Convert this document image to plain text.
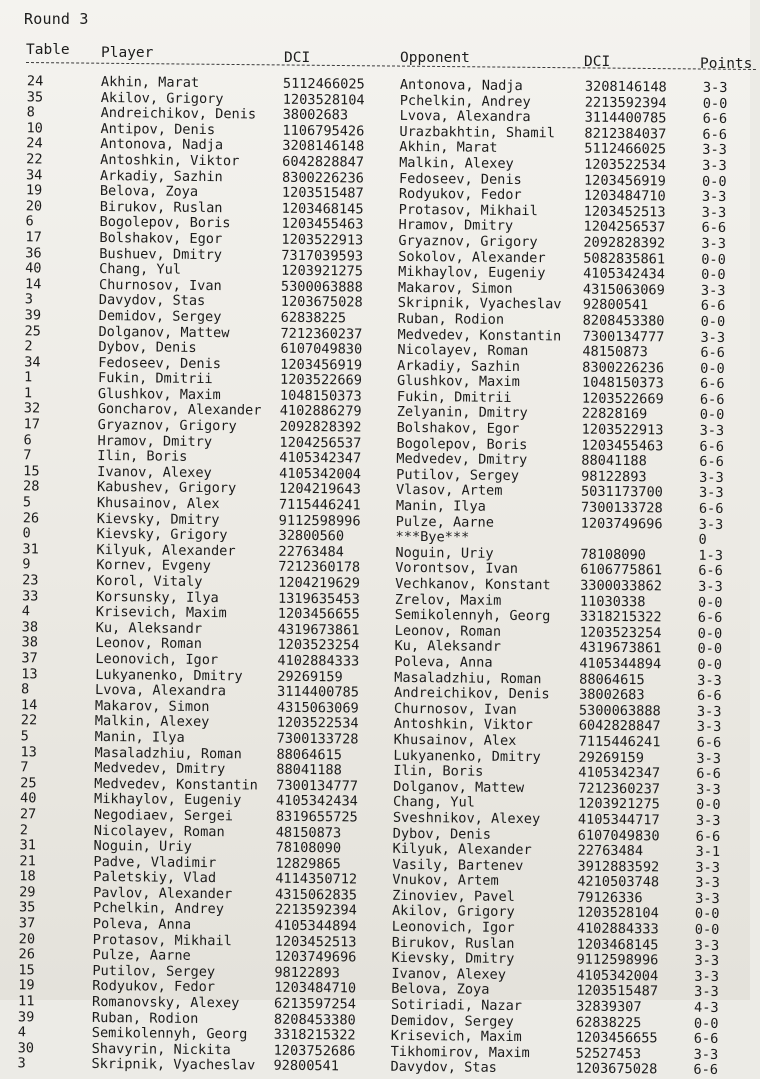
Round 3
Table Player	DCI	Opponent	DCI	Points
24	Akhin, Marat	5112466025	Antonova, Nadja	3208146148	3-3
35	Akilov, Grigory	1203528104	Pchelkin, Andrey	2213592394	0-0
8	Andreichikov, Denis 38002683	Lvova, Alexandra	3114400785	6-6
10	Antipov, Denis	1106795426	Urazbakhtin, Shamil 8212384037	6-6
24	Antonova, Nadja	3208146148	Akhin, Marat	5112466025	3-3
22	Antoshkin, Viktor	6042828847	Malkin, Alexey	1203522534	3-3
34	Arkadiy, Sazhin	8300226236	Fedoseev, Denis	1203456919	0-0
19	Belova, Zoya	1203515487	Rodyukov, Fedor	1203484710	3-3
20	Birukov, Ruslan	1203468145	Protasov, Mikhail	1203452513	3-3
6	Bogolepov, Boris	1203455463	Hramov, Dmitry	1204256537	6-6
17	Bolshakov, Egor	1203522913	Gryaznov, Grigory	2092828392	3-3
36	Bushuev, Dmitry	7317039593	Sokolov, Alexander	5082835861	0-0
40	Chang, Yul	1203921275	Mikhaylov, Eugeniy	4105342434	0-0
14	Churnosov, Ivan	5300063888	Makarov, Simon	4315063069	3-3
3	Davydov, Stas	1203675028	Skripnik, Vyacheslav 92800541	6-6
39	Demidov, Sergey	62838225	Ruban, Rodion	8208453380	0-0
25	Dolganov, Mattew	7212360237	Medvedev, Konstantin 7300134777	3-3
2	Dybov, Denis	6107049830	Nicolayev, Roman	48150873	6-6
34	Fedoseev, Denis	1203456919	Arkadiy, Sazhin	8300226236	0-0
1	Fukin, Dmitrii	1203522669	Glushkov, Maxim	1048150373	6-6
1	Glushkov, Maxim	1048150373	Fukin, Dmitrii	1203522669	6-6
32	Goncharov, Alexander 4102886279	Zelyanin, Dmitry	22828169	0-0
17	Gryaznov, Grigory	2092828392	Bolshakov, Egor	1203522913	3-3
6	Hramov, Dmitry	1204256537	Bogolepov, Boris	1203455463	6-6
7	Ilin, Boris	4105342347	Medvedev, Dmitry	88041188	6-6
15	Ivanov, Alexey	4105342004	Putilov, Sergey	98122893	3-3
28	Kabushev, Grigory	1204219643	Vlasov, Artem	5031173700	3-3
5	Khusainov, Alex	7115446241	Manin, Ilya	7300133728	6-6
26	Kievsky, Dmitry	9112598996	Pulze, Aarne	1203749696	3-3
0	Kievsky, Grigory	32800560	***Bye***	0
31	Kilyuk, Alexander	22763484	Noguin, Uriy	78108090	1-3
9	Kornev, Evgeny	7212360178	Vorontsov, Ivan	6106775861	6-6
23	Korol, Vitaly	1204219629	Vechkanov, Konstant 3300033862	3-3
33	Korsunsky, Ilya	1319635453	Zrelov, Maxim	11030338	0-0
4	Krisevich, Maxim	1203456655	Semikolennyh, Georg 3318215322	6-6
38	Ku, Aleksandr	4319673861	Leonov, Roman	1203523254	0-0
38	Leonov, Roman	1203523254	Ku, Aleksandr	4319673861	0-0
37	Leonovich, Igor	4102884333	Poleva, Anna	4105344894	0-0
13	Lukyanenko, Dmitry	29269159	Masaladzhiu, Roman	88064615	3-3
8	Lvova, Alexandra	3114400785	Andreichikov, Denis 38002683	6-6
14	Makarov, Simon	4315063069	Churnosov, Ivan	5300063888	3-3
22	Malkin, Alexey	1203522534	Antoshkin, Viktor	6042828847	3-3
5	Manin, Ilya	7300133728	Khusainov, Alex	7115446241	6-6
13	Masaladzhiu, Roman	88064615	Lukyanenko, Dmitry	29269159	3-3
7	Medvedev, Dmitry	88041188	Ilin, Boris	4105342347	6-6
25	Medvedev, Konstantin 7300134777	Dolganov, Mattew	7212360237	3-3
40	Mikhaylov, Eugeniy	4105342434	Chang, Yul	1203921275	0-0
27	Negodiaev, Sergei	8319655725	Sveshnikov, Alexey	4105344717	3-3
2	Nicolayev, Roman	48150873	Dybov, Denis	6107049830	6-6
31	Noguin, Uriy	78108090	Kilyuk, Alexander	22763484	3-1
21	Padve, Vladimir	12829865	Vasily, Bartenev	3912883592	3-3
18	Paletskiy, Vlad	4114350712	Vnukov, Artem	4210503748	3-3
29	Pavlov, Alexander	4315062835	Zinoviev, Pavel	79126336	3-3
35	Pchelkin, Andrey	2213592394	Akilov, Grigory	1203528104	0-0
37	Poleva, Anna	4105344894	Leonovich, Igor	4102884333	0-0
20	Protasov, Mikhail	1203452513	Birukov, Ruslan	1203468145	3-3
26	Pulze, Aarne	1203749696	Kievsky, Dmitry	9112598996	3-3
15	Putilov, Sergey	98122893	Ivanov, Alexey	4105342004	3-3
19	Rodyukov, Fedor	1203484710	Belova, Zoya	1203515487	3-3
11	Romanovsky, Alexey	6213597254	Sotiriadi, Nazar	32839307	4-3
39	Ruban, Rodion	8208453380	Demidov, Sergey	62838225	0-0
4	Semikolennyh, Georg 3318215322	Krisevich, Maxim	1203456655	6-6
30	Shavyrin, Nickita	1203752686	Tikhomirov, Maxim	52527453	3-3
3	Skripnik, Vyacheslav 92800541	Davydov, Stas	1203675028	6-6
